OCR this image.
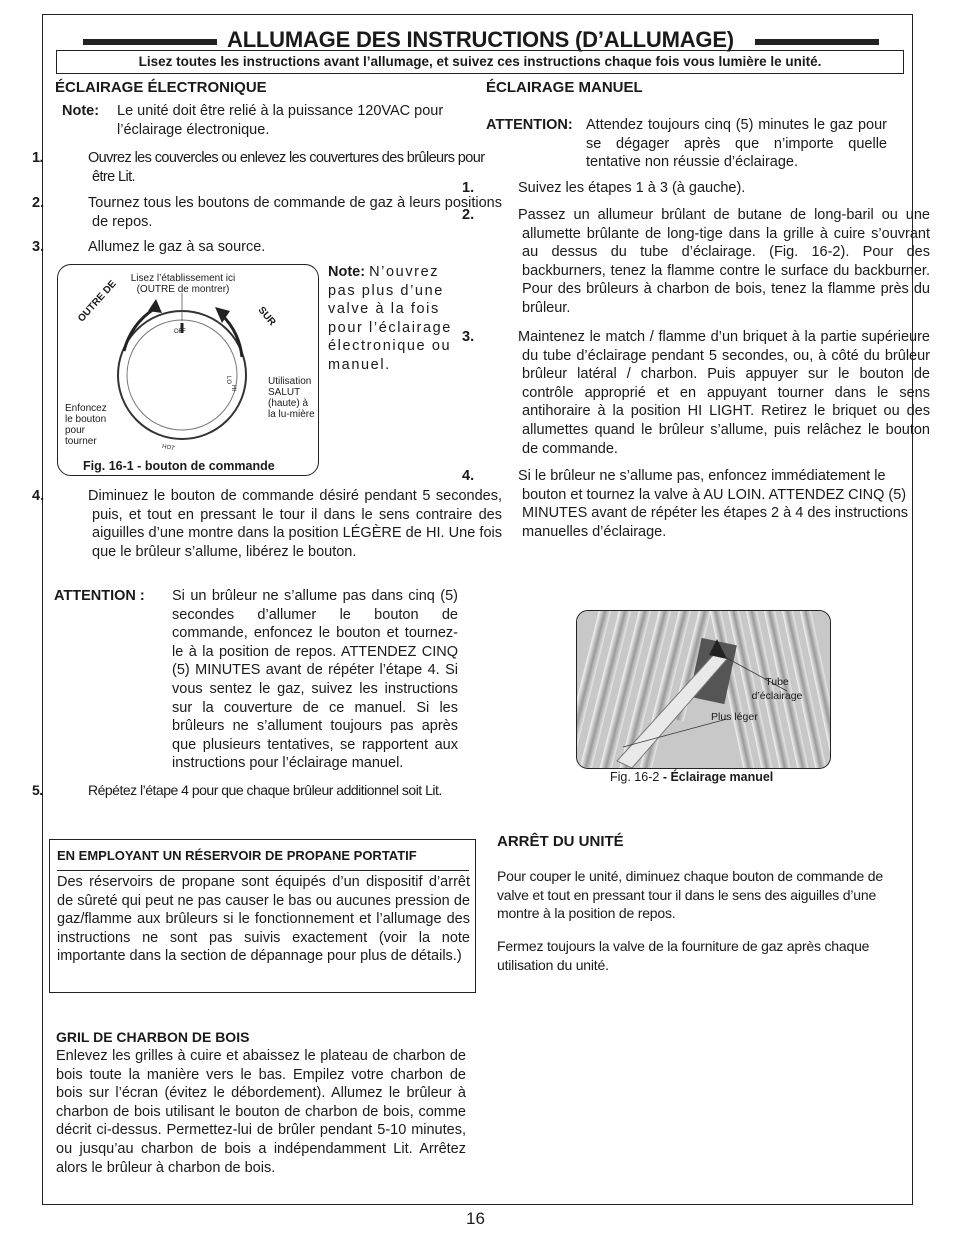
ALLUMAGE DES INSTRUCTIONS (D’ALLUMAGE)
Lisez toutes les instructions avant l’allumage, et suivez ces instructions chaque fois vous lumière le unité.
ÉCLAIRAGE ÉLECTRONIQUE
Note: Le unité doit être relié à la puissance 120VAC pour l’éclairage électronique.
1.	Ouvrez les couvercles ou enlevez les couvertures des brûleurs pour être Lit.
2.	Tournez tous les boutons de commande de gaz à leurs positions de repos.
3.	Allumez le gaz à sa source.
Lisez l’établissement ici
(OUTRE de montrer)
OUTRE DE	SUR
OFF
HI
LO
HOT
Enfoncez le bouton pour tourner
Utilisation SALUT (haute) à la lu-mière
Fig. 16-1 - bouton de commande
Note: N’ouvrez pas plus d’une valve à la fois pour l’éclairage électronique ou manuel.
4.	Diminuez le bouton de commande désiré pendant 5 secondes, puis, et tout en pressant le tour il dans le sens contraire des aiguilles d’une montre dans la position LÉGÈRE de HI. Une fois que le brûleur s’allume, libérez le bouton.
ATTENTION :	Si un brûleur ne s’allume pas dans cinq (5) secondes d’allumer le bouton de commande, enfoncez le bouton et tournez-le à la position de repos. ATTENDEZ CINQ (5) MINUTES avant de répéter l’étape 4. Si vous sentez le gaz, suivez les instructions sur la couverture de ce manuel. Si les brûleurs ne s’allument toujours pas après que plusieurs tentatives, se rapportent aux instructions pour l’éclairage manuel.
5.	Répétez l’étape 4 pour que chaque brûleur additionnel soit Lit.
EN EMPLOYANT UN RÉSERVOIR DE PROPANE PORTATIF
Des réservoirs de propane sont équipés d’un dispositif d’arrêt de sûreté qui peut ne pas causer le bas ou aucunes pression de gaz/flamme aux brûleurs si le fonctionnement et l’allumage des instructions ne sont pas suivis exactement (voir la note importante dans la section de dépannage pour plus de détails.)
GRIL DE CHARBON DE BOIS
Enlevez les grilles à cuire et abaissez le plateau de charbon de bois toute la manière vers le bas. Empilez votre charbon de bois sur l’écran (évitez le débordement). Allumez le brûleur à charbon de bois utilisant le bouton de charbon de bois, comme décrit ci-dessus. Permettez-lui de brûler pendant 5-10 minutes, ou jusqu’au charbon de bois a indépendamment Lit. Arrêtez alors le brûleur à charbon de bois.
ÉCLAIRAGE MANUEL
ATTENTION: Attendez toujours cinq (5) minutes le gaz pour se dégager après que n’importe quelle tentative non réussie d’éclairage.
1.	Suivez les étapes 1 à 3 (à gauche).
2.	Passez un allumeur brûlant de butane de long-baril ou une allumette brûlante de long-tige dans la grille à cuire s’ouvrant au dessus du tube d’éclairage. (Fig. 16-2). Pour des backburners, tenez la flamme contre le surface du backburner. Pour des brûleurs à charbon de bois, tenez la flamme près du brûleur.
3.	Maintenez le match / flamme d’un briquet à la partie supérieure du tube d’éclairage pendant 5 secondes, ou, à côté du brûleur brûleur latéral / charbon. Puis appuyer sur le bouton de contrôle approprié et en appuyant tourner dans le sens antihoraire à la position HI LIGHT. Retirez le briquet ou des allumettes quand le brûleur s’allume, puis relâchez le bouton de commande.
4.	Si le brûleur ne s’allume pas, enfoncez immédiatement le bouton et tournez la valve à AU LOIN. ATTENDEZ CINQ (5) MINUTES avant de répéter les étapes 2 à 4 des instructions manuelles d’éclairage.
Tube
d’éclairage
Plus léger
Fig. 16-2 - Éclairage manuel
ARRÊT DU UNITÉ
Pour couper le unité, diminuez chaque bouton de commande de valve et tout en pressant tour il dans le sens des aiguilles d’une montre à la position de repos.
Fermez toujours la valve de la fourniture de gaz après chaque utilisation du unité.
16
